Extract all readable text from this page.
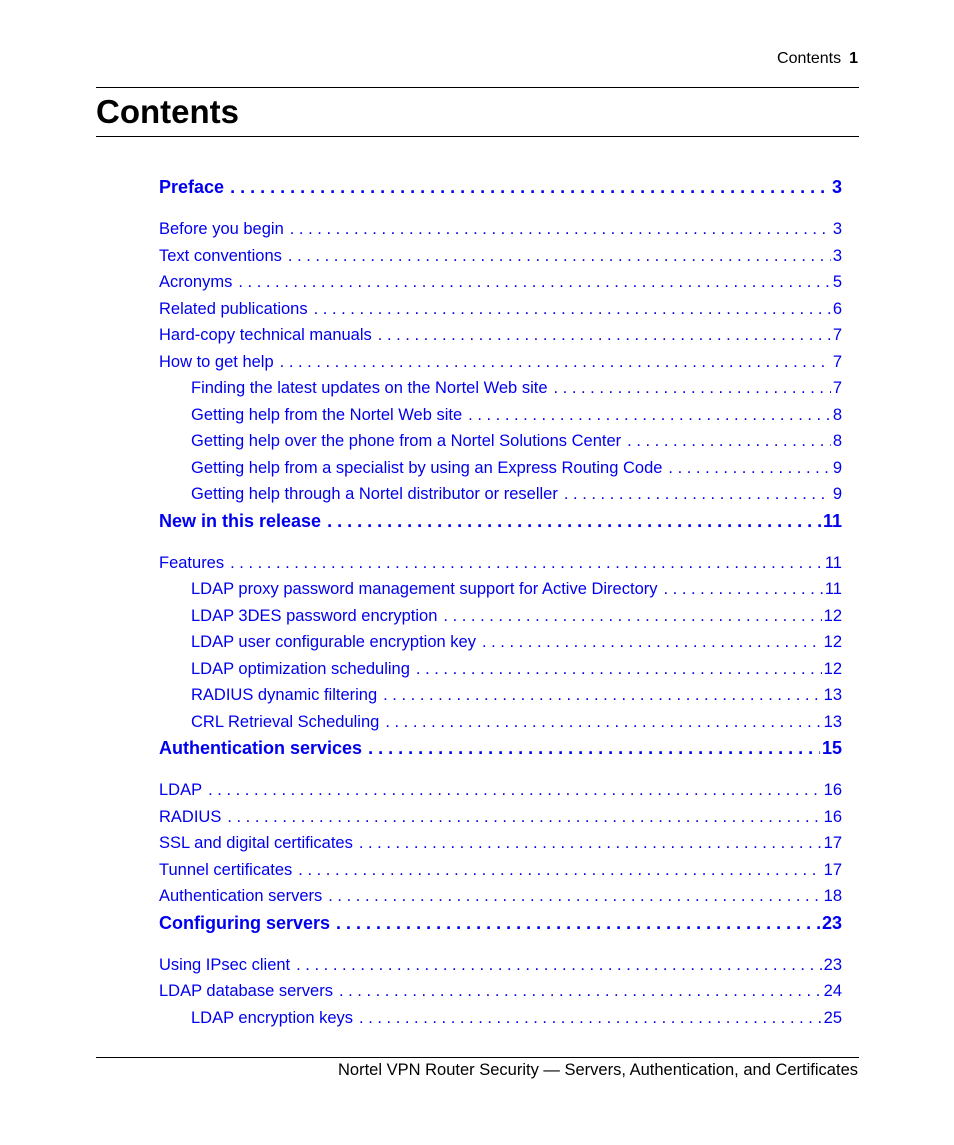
Contents 1
Contents
Preface . . .	3
Before you begin . . .	3
Text conventions . . .	3
Acronyms . . .	5
Related publications . . .	6
Hard-copy technical manuals . . .	7
How to get help . . .	7
Finding the latest updates on the Nortel Web site . . .	7
Getting help from the Nortel Web site . . .	8
Getting help over the phone from a Nortel Solutions Center . . .	8
Getting help from a specialist by using an Express Routing Code . . .	9
Getting help through a Nortel distributor or reseller . . .	9
New in this release . . .	11
Features . . .	11
LDAP proxy password management support for Active Directory . . .	11
LDAP 3DES password encryption . . .	12
LDAP user configurable encryption key . . .	12
LDAP optimization scheduling . . .	12
RADIUS dynamic filtering . . .	13
CRL Retrieval Scheduling . . .	13
Authentication services . . .	15
LDAP . . .	16
RADIUS . . .	16
SSL and digital certificates . . .	17
Tunnel certificates . . .	17
Authentication servers . . .	18
Configuring servers . . .	23
Using IPsec client . . .	23
LDAP database servers . . .	24
LDAP encryption keys . . .	25
Nortel VPN Router Security — Servers, Authentication, and Certificates
